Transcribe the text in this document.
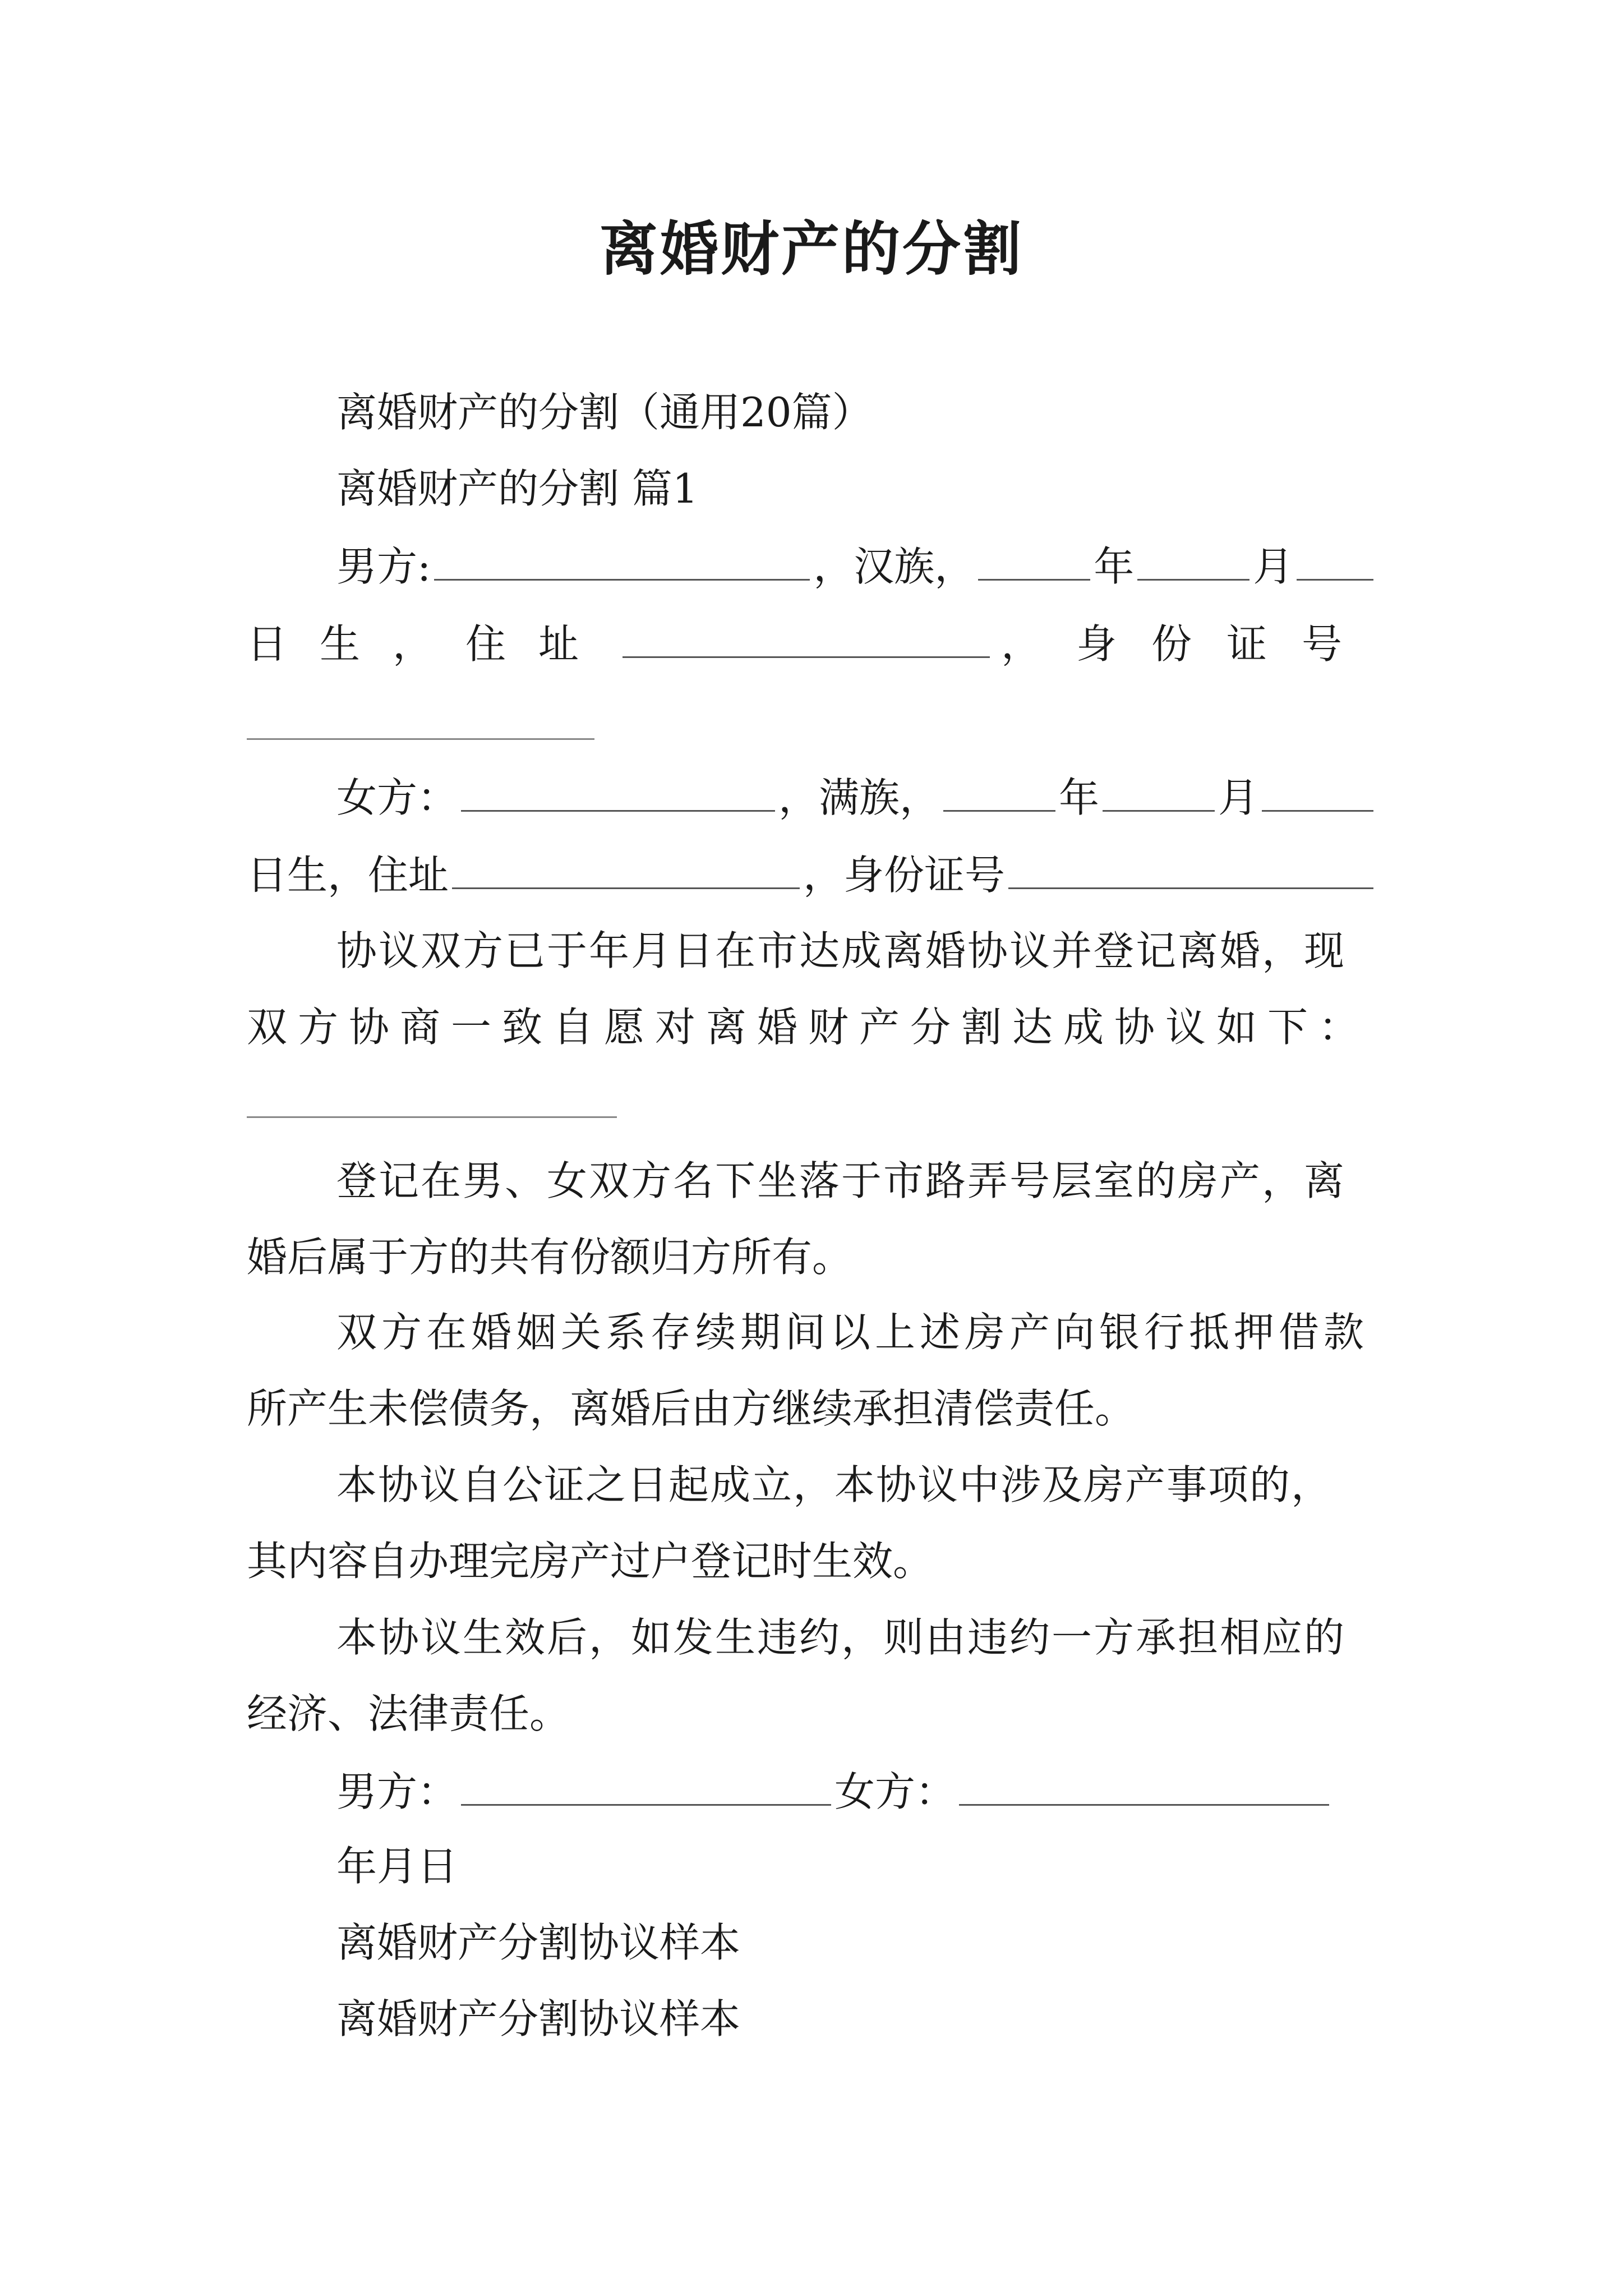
离婚财产的分割
离婚财产的分割（通用20篇）
离婚财产的分割 篇1
男方:	，汉族，	年	月
日生，住址	，身份证号
女方：	，满族，	年	月
日生，住址	，身份证号
协议双方已于年月日在市达成离婚协议并登记离婚，现
双方协商一致自愿对离婚财产分割达成协议如下：
登记在男、女双方名下坐落于市路弄号层室的房产，离
婚后属于方的共有份额归方所有。
双方在婚姻关系存续期间以上述房产向银行抵押借款
所产生未偿债务，离婚后由方继续承担清偿责任。
本协议自公证之日起成立，本协议中涉及房产事项的，
其内容自办理完房产过户登记时生效。
本协议生效后，如发生违约，则由违约一方承担相应的
经济、法律责任。
男方：	女方：
年月日
离婚财产分割协议样本
离婚财产分割协议样本
